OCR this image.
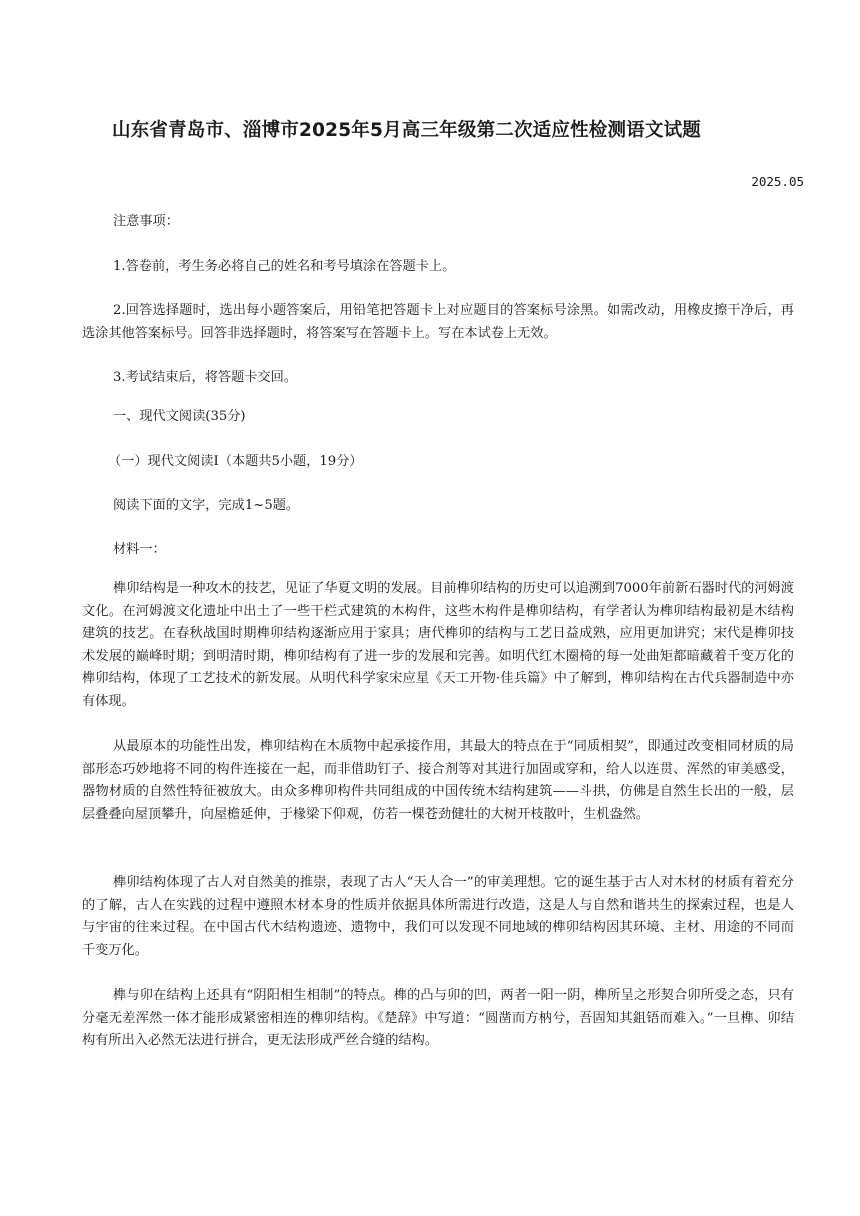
山东省青岛市、淄博市2025年5月高三年级第二次适应性检测语文试题
2025.05
注意事项：
1.答卷前，考生务必将自己的姓名和考号填涂在答题卡上。
2.回答选择题时，选出每小题答案后，用铅笔把答题卡上对应题目的答案标号涂黑。如需改动，用橡皮擦干净后，再选涂其他答案标号。回答非选择题时，将答案写在答题卡上。写在本试卷上无效。
3.考试结束后，将答题卡交回。
一、现代文阅读(35分)
（一）现代文阅读Ⅰ（本题共5小题，19分）
阅读下面的文字，完成1~5题。
材料一：
榫卯结构是一种攻木的技艺，见证了华夏文明的发展。目前榫卯结构的历史可以追溯到7000年前新石器时代的河姆渡文化。在河姆渡文化遗址中出土了一些干栏式建筑的木构件，这些木构件是榫卯结构，有学者认为榫卯结构最初是木结构建筑的技艺。在春秋战国时期榫卯结构逐渐应用于家具；唐代榫卯的结构与工艺日益成熟，应用更加讲究；宋代是榫卯技术发展的巅峰时期；到明清时期，榫卯结构有了进一步的发展和完善。如明代红木圈椅的每一处曲矩都暗藏着千变万化的榫卯结构，体现了工艺技术的新发展。从明代科学家宋应星《天工开物·佳兵篇》中了解到，榫卯结构在古代兵器制造中亦有体现。
从最原本的功能性出发，榫卯结构在木质物中起承接作用，其最大的特点在于“同质相契”，即通过改变相同材质的局部形态巧妙地将不同的构件连接在一起，而非借助钉子、接合剂等对其进行加固或穿和，给人以连贯、浑然的审美感受，器物材质的自然性特征被放大。由众多榫卯构件共同组成的中国传统木结构建筑——斗拱，仿佛是自然生长出的一般，层层叠叠向屋顶攀升，向屋檐延伸，于椽梁下仰观，仿若一棵苍劲健壮的大树开枝散叶，生机盎然。
榫卯结构体现了古人对自然美的推崇，表现了古人“天人合一”的审美理想。它的诞生基于古人对木材的材质有着充分的了解，古人在实践的过程中遵照木材本身的性质并依据具体所需进行改造，这是人与自然和谐共生的探索过程，也是人与宇宙的往来过程。在中国古代木结构遗迹、遗物中，我们可以发现不同地域的榫卯结构因其环境、主材、用途的不同而千变万化。
榫与卯在结构上还具有“阴阳相生相制”的特点。榫的凸与卯的凹，两者一阳一阴，榫所呈之形契合卯所受之态，只有分毫无差浑然一体才能形成紧密相连的榫卯结构。《楚辞》中写道：“圆凿而方枘兮，吾固知其鉏铻而难入。”一旦榫、卯结构有所出入必然无法进行拼合，更无法形成严丝合缝的结构。
